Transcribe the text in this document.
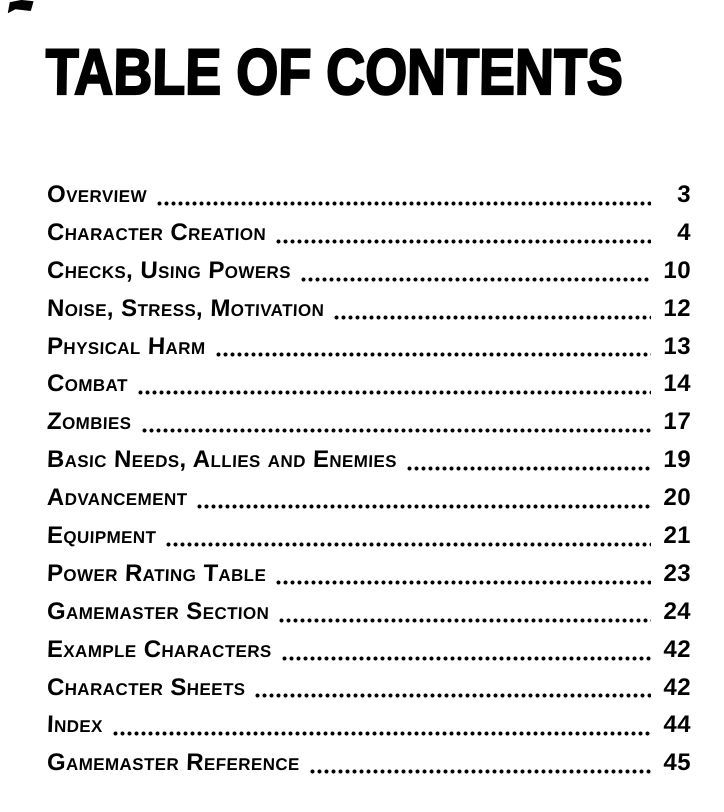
TABLE OF CONTENTS
Overview	3
Character Creation	4
Checks, Using Powers	10
Noise, Stress, Motivation	12
Physical Harm	13
Combat	14
Zombies	17
Basic Needs, Allies and Enemies	19
Advancement	20
Equipment	21
Power Rating Table	23
Gamemaster Section	24
Example Characters	42
Character Sheets	42
Index	44
Gamemaster Reference	45
